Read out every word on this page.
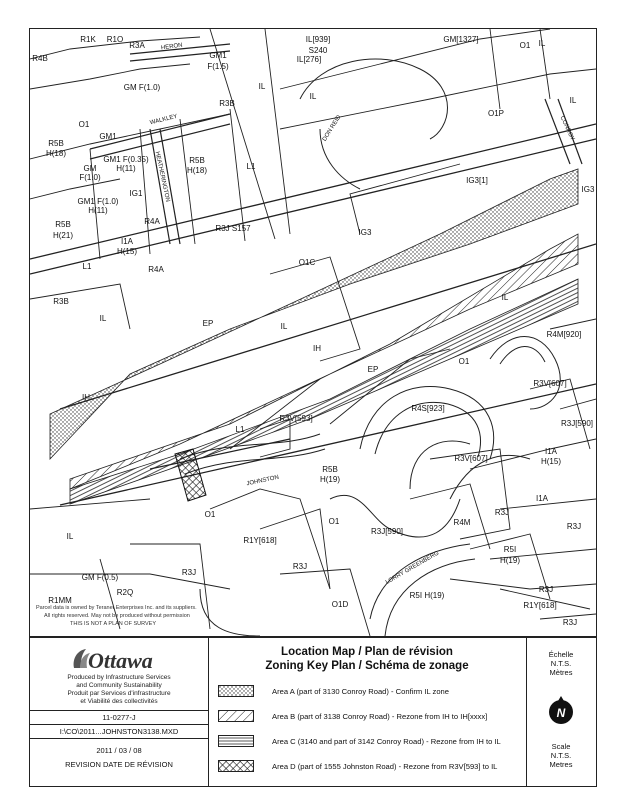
R1K R1O
R3A	HERON
R4B	GM1
F(1.5)
IL[939]
S240
GM[1327]
O1 IL
IL[276]
GM F(1.0)	IL
R3B
IL
O1P
IL
DON REID	CONROY
WALKLEY
R5B
H(18)
O1
GM1
GM1 F(0.35)
H(11)
GM
F(1.0)
R5B
H(18)	L1
HEATHERINGTON
IG1
GM1 F(1.0)
H(11)
R4A
IG3[1]
IG3
R5B
H(21)
I1A
H(15)
R3J S157	IG3
L1	R4A
O1C
R3B
IL
IL
EP	IL
R4M[920]
IH
O1
EP
IH
R3V[607]
R4S[923]
R3V[593]
R3J[590]
L1
R3V[607]
I1A
H(15)
JOHNSTON
R5B
H(19)
I1A
O1
O1
R4M
R3J
R3J
R3J[590]
R1Y[618]
IL
R5I
H(19)
R3J
GM F(0.5)
R3J	LORRY GREENBERG
R5I H(19)
R3J
R2Q
R1Y[618]
R1MM	O1D
R3J
Parcel data is owned by Teranet Enterprises Inc. and its suppliers.
All rights reserved. May not be produced without permission
THIS IS NOT A PLAN OF SURVEY
Ottawa
Produced by Infrastructure Services
and Community Sustainability
Produit par Services d'infrastructure
et Viabilité des collectivités
11-0277-J
I:\CO\2011...JOHNSTON3138.MXD
2011 / 03 / 08
REVISION DATE DE RÉVISION
Location Map / Plan de révision
Zoning Key Plan / Schéma de zonage
Area A (part of 3130 Conroy Road) - Confirm IL zone
Area B (part of 3138 Conroy Road) - Rezone from IH to IH[xxxx]
Area C (3140 and part of 3142 Conroy Road) - Rezone from IH to IL
Area D (part of 1555 Johnston Road) - Rezone from R3V[593] to IL
Échelle
N.T.S.
Mètres
N
Scale
N.T.S.
Metres
